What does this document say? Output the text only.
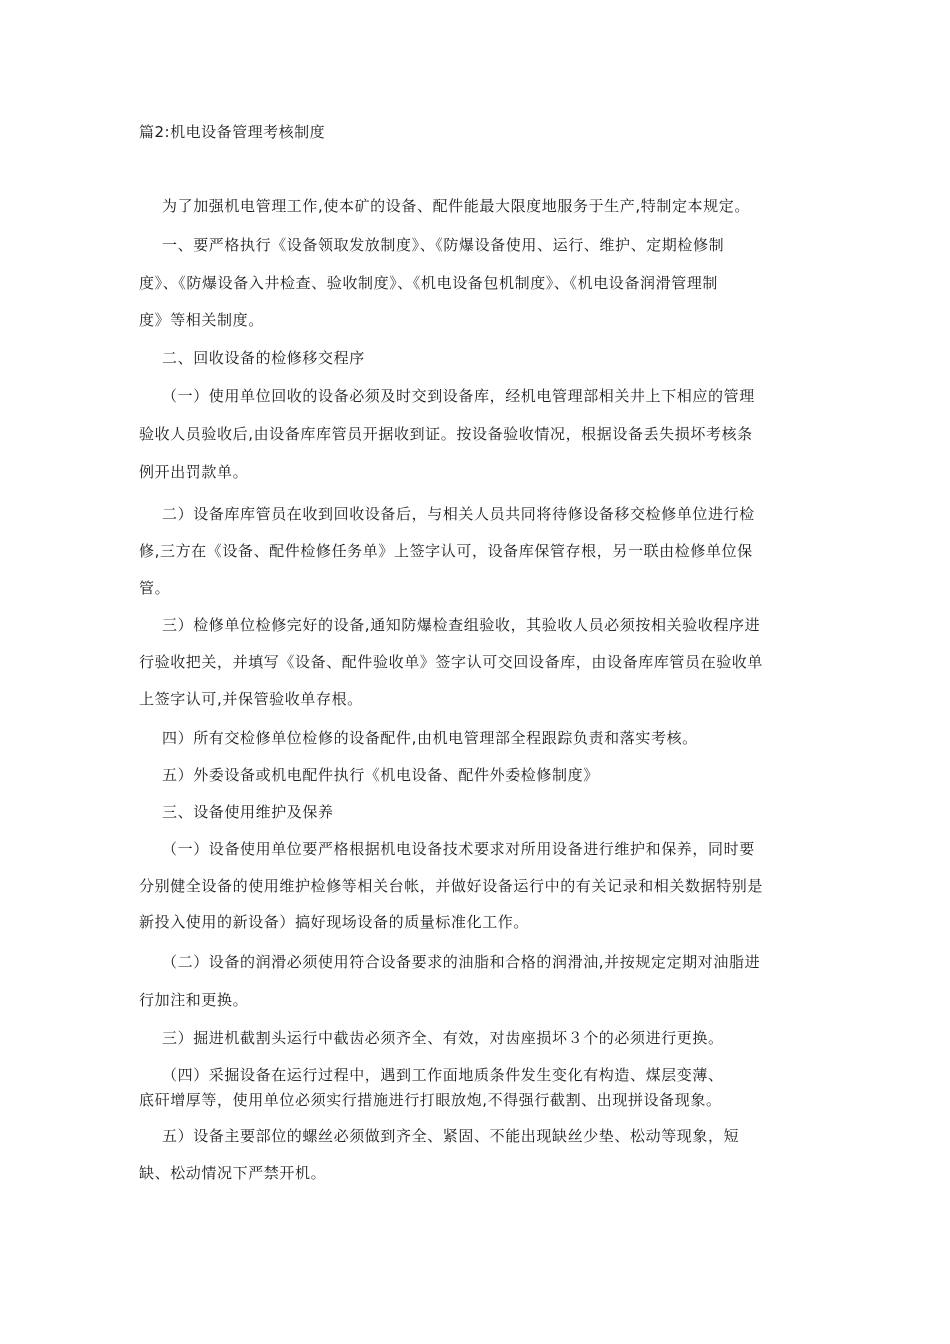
篇2:机电设备管理考核制度
为了加强机电管理工作,使本矿的设备、配件能最大限度地服务于生产,特制定本规定。
一、要严格执行《设备领取发放制度》、《防爆设备使用、运行、维护、定期检修制
度》、《防爆设备入井检查、验收制度》、《机电设备包机制度》、《机电设备润滑管理制
度》等相关制度。
二、回收设备的检修移交程序
（一）使用单位回收的设备必须及时交到设备库，经机电管理部相关井上下相应的管理
验收人员验收后,由设备库库管员开据收到证。按设备验收情况，根据设备丢失损坏考核条
例开出罚款单。
二）设备库库管员在收到回收设备后，与相关人员共同将待修设备移交检修单位进行检
修,三方在《设备、配件检修任务单》上签字认可，设备库保管存根，另一联由检修单位保
管。
三）检修单位检修完好的设备,通知防爆检查组验收，其验收人员必须按相关验收程序进
行验收把关，并填写《设备、配件验收单》签字认可交回设备库，由设备库库管员在验收单
上签字认可,并保管验收单存根。
四）所有交检修单位检修的设备配件,由机电管理部全程跟踪负责和落实考核。
五）外委设备或机电配件执行《机电设备、配件外委检修制度》
三、设备使用维护及保养
（一）设备使用单位要严格根据机电设备技术要求对所用设备进行维护和保养，同时要
分别健全设备的使用维护检修等相关台帐，并做好设备运行中的有关记录和相关数据特别是
新投入使用的新设备）搞好现场设备的质量标准化工作。
（二）设备的润滑必须使用符合设备要求的油脂和合格的润滑油,并按规定定期对油脂进
行加注和更换。
三）掘进机截割头运行中截齿必须齐全、有效，对齿座损坏３个的必须进行更换。
（四）采掘设备在运行过程中，遇到工作面地质条件发生变化有构造、煤层变薄、
底矸增厚等，使用单位必须实行措施进行打眼放炮,不得强行截割、出现拼设备现象。
五）设备主要部位的螺丝必须做到齐全、紧固、不能出现缺丝少垫、松动等现象，短
缺、松动情况下严禁开机。
